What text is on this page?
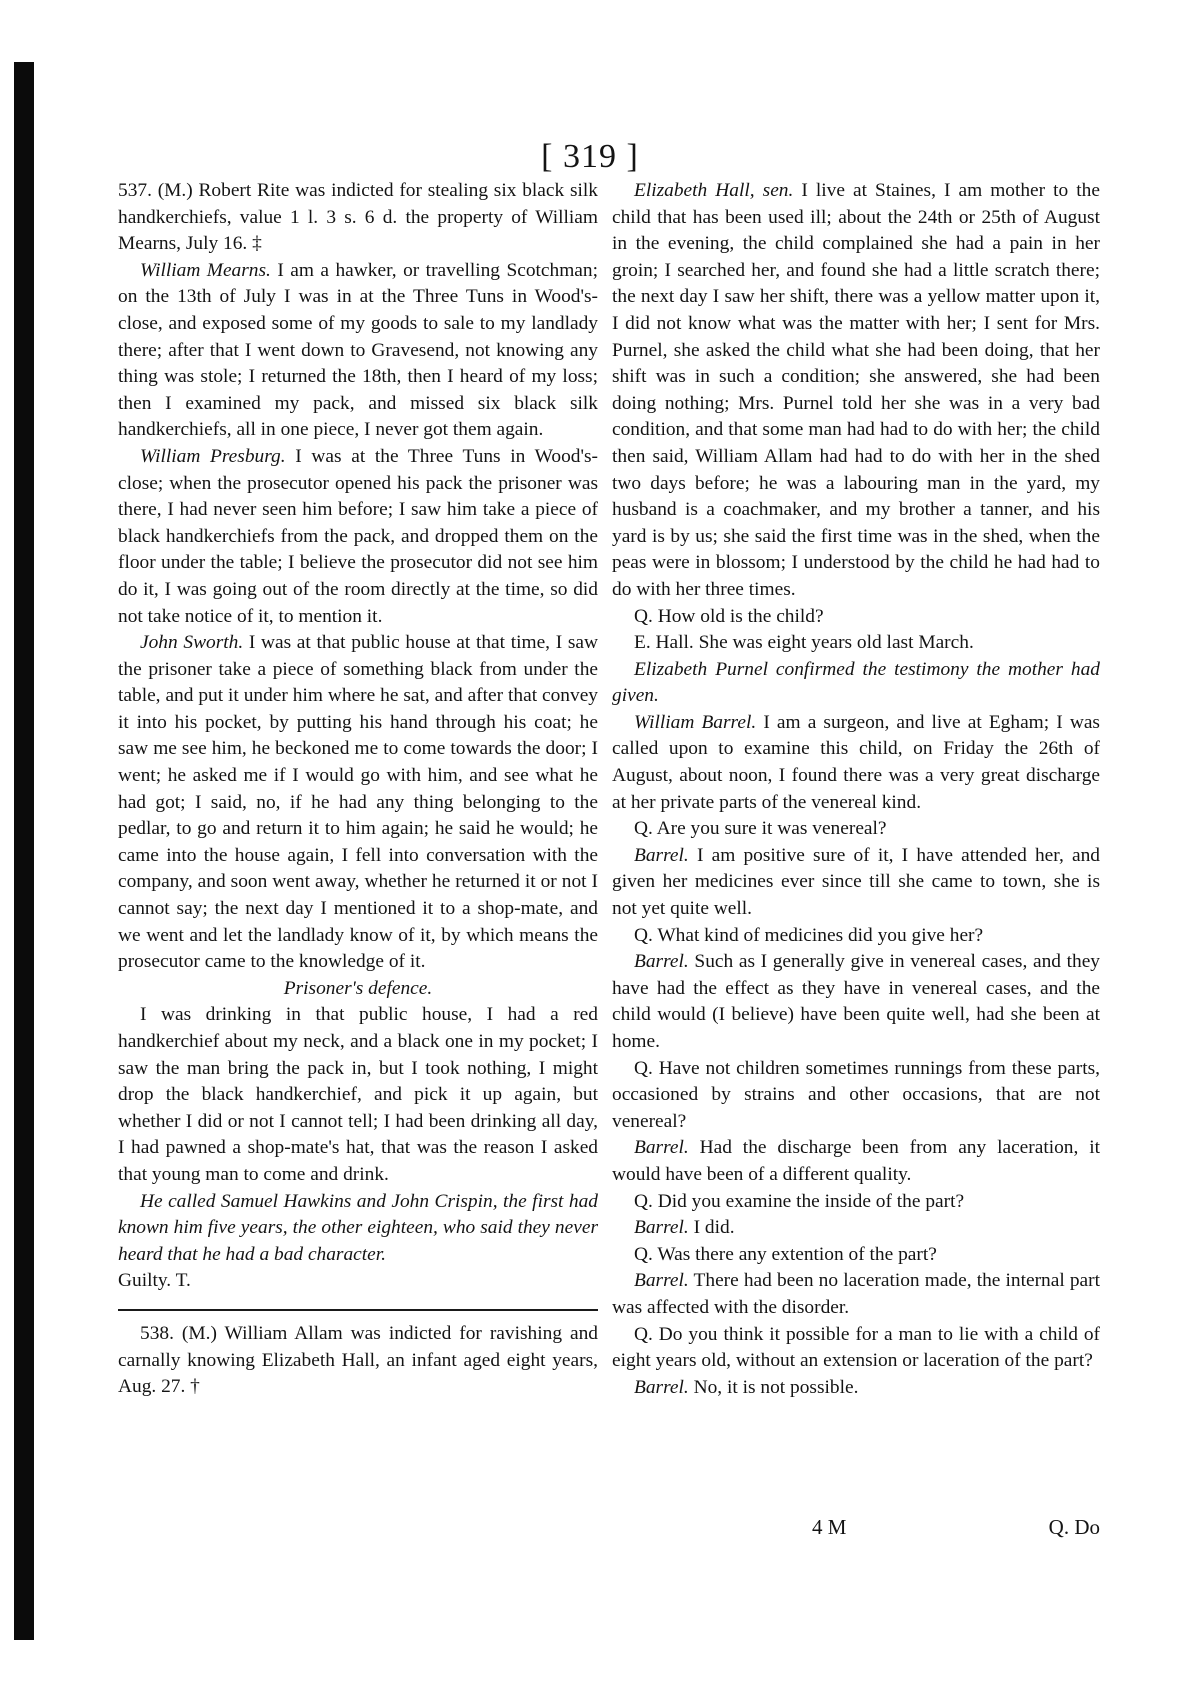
[ 319 ]

537. (M.) Robert Rite was indicted for stealing six black silk handkerchiefs, value 1 l. 3 s. 6 d. the property of William Mearns, July 16. ‡

William Mearns. I am a hawker, or travelling Scotchman; on the 13th of July I was in at the Three Tuns in Wood's-close, and exposed some of my goods to sale to my landlady there; after that I went down to Gravesend, not knowing any thing was stole; I returned the 18th, then I heard of my loss; then I examined my pack, and missed six black silk handkerchiefs, all in one piece, I never got them again.

William Presburg. I was at the Three Tuns in Wood's-close; when the prosecutor opened his pack the prisoner was there, I had never seen him before; I saw him take a piece of black handkerchiefs from the pack, and dropped them on the floor under the table; I believe the prosecutor did not see him do it, I was going out of the room directly at the time, so did not take notice of it, to mention it.

John Sworth. I was at that public house at that time, I saw the prisoner take a piece of something black from under the table, and put it under him where he sat, and after that convey it into his pocket, by putting his hand through his coat; he saw me see him, he beckoned me to come towards the door; I went; he asked me if I would go with him, and see what he had got; I said, no, if he had any thing belonging to the pedlar, to go and return it to him again; he said he would; he came into the house again, I fell into conversation with the company, and soon went away, whether he returned it or not I cannot say; the next day I mentioned it to a shop-mate, and we went and let the landlady know of it, by which means the prosecutor came to the knowledge of it.

Prisoner's defence.

I was drinking in that public house, I had a red handkerchief about my neck, and a black one in my pocket; I saw the man bring the pack in, but I took nothing, I might drop the black handkerchief, and pick it up again, but whether I did or not I cannot tell; I had been drinking all day, I had pawned a shop-mate's hat, that was the reason I asked that young man to come and drink.

He called Samuel Hawkins and John Crispin, the first had known him five years, the other eighteen, who said they never heard that he had a bad character.

Guilty. T.

538. (M.) William Allam was indicted for ravishing and carnally knowing Elizabeth Hall, an infant aged eight years, Aug. 27. †

Elizabeth Hall, sen. I live at Staines, I am mother to the child that has been used ill; about the 24th or 25th of August in the evening, the child complained she had a pain in her groin; I searched her, and found she had a little scratch there; the next day I saw her shift, there was a yellow matter upon it, I did not know what was the matter with her; I sent for Mrs. Purnel, she asked the child what she had been doing, that her shift was in such a condition; she answered, she had been doing nothing; Mrs. Purnel told her she was in a very bad condition, and that some man had had to do with her; the child then said, William Allam had had to do with her in the shed two days before; he was a labouring man in the yard, my husband is a coachmaker, and my brother a tanner, and his yard is by us; she said the first time was in the shed, when the peas were in blossom; I understood by the child he had had to do with her three times.

Q. How old is the child?

E. Hall. She was eight years old last March.

Elizabeth Purnel confirmed the testimony the mother had given.

William Barrel. I am a surgeon, and live at Egham; I was called upon to examine this child, on Friday the 26th of August, about noon, I found there was a very great discharge at her private parts of the venereal kind.

Q. Are you sure it was venereal?

Barrel. I am positive sure of it, I have attended her, and given her medicines ever since till she came to town, she is not yet quite well.

Q. What kind of medicines did you give her?

Barrel. Such as I generally give in venereal cases, and they have had the effect as they have in venereal cases, and the child would (I believe) have been quite well, had she been at home.

Q. Have not children sometimes runnings from these parts, occasioned by strains and other occasions, that are not venereal?

Barrel. Had the discharge been from any laceration, it would have been of a different quality.

Q. Did you examine the inside of the part?

Barrel. I did.

Q. Was there any extention of the part?

Barrel. There had been no laceration made, the internal part was affected with the disorder.

Q. Do you think it possible for a man to lie with a child of eight years old, without an extension or laceration of the part?

Barrel. No, it is not possible.

4 M	Q. Do
